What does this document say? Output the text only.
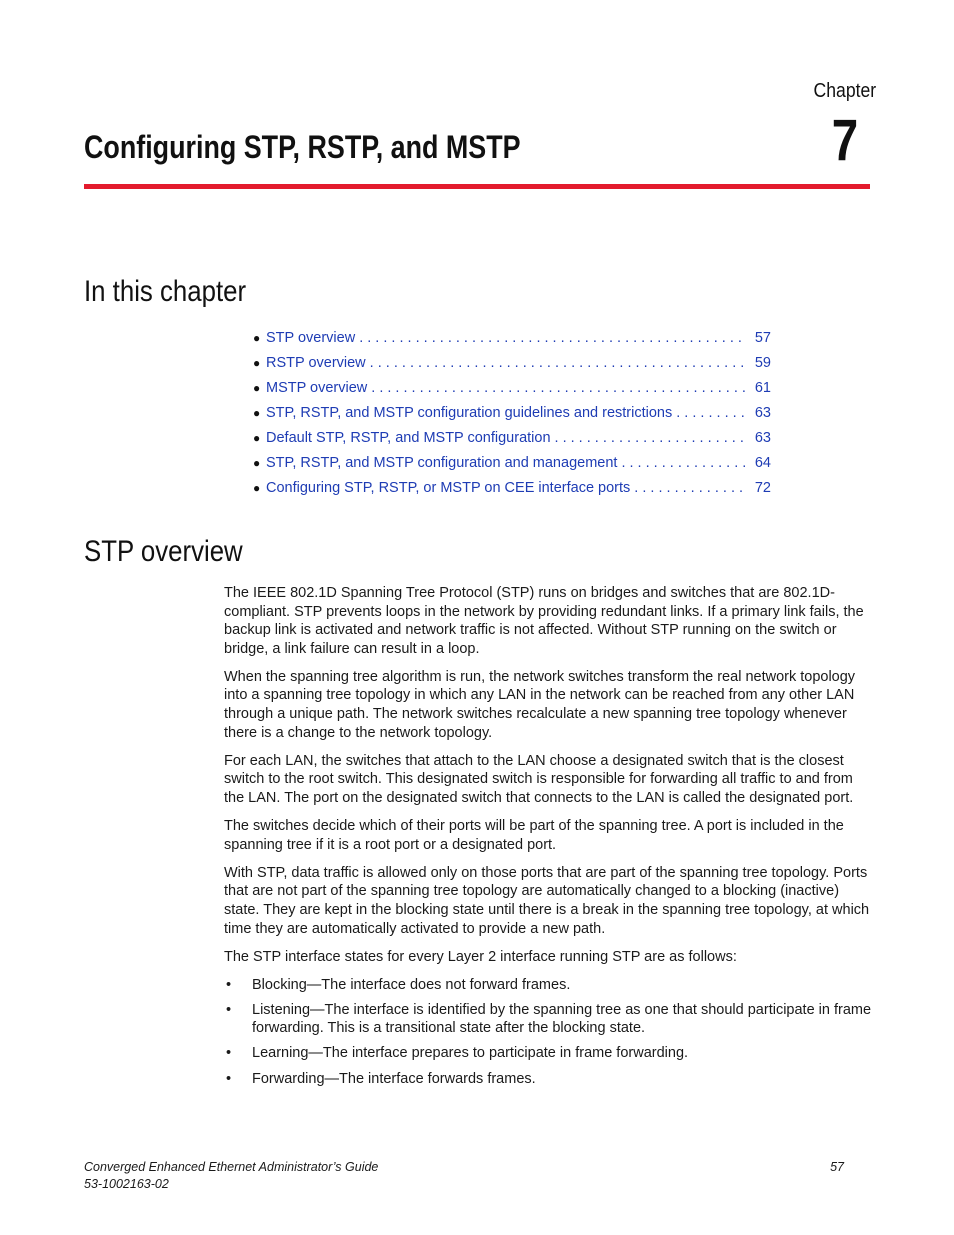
Chapter
7
Configuring STP, RSTP, and MSTP
In this chapter
● STP overview . . .	57
● RSTP overview . . .	59
● MSTP overview . . .	61
● STP, RSTP, and MSTP configuration guidelines and restrictions . . .	63
● Default STP, RSTP, and MSTP configuration . . .	63
● STP, RSTP, and MSTP configuration and management . . .	64
● Configuring STP, RSTP, or MSTP on CEE interface ports . . .	72
STP overview

The IEEE 802.1D Spanning Tree Protocol (STP) runs on bridges and switches that are 802.1D-compliant. STP prevents loops in the network by providing redundant links. If a primary link fails, the backup link is activated and network traffic is not affected. Without STP running on the switch or bridge, a link failure can result in a loop.

When the spanning tree algorithm is run, the network switches transform the real network topology into a spanning tree topology in which any LAN in the network can be reached from any other LAN through a unique path. The network switches recalculate a new spanning tree topology whenever there is a change to the network topology.

For each LAN, the switches that attach to the LAN choose a designated switch that is the closest switch to the root switch. This designated switch is responsible for forwarding all traffic to and from the LAN. The port on the designated switch that connects to the LAN is called the designated port.

The switches decide which of their ports will be part of the spanning tree. A port is included in the spanning tree if it is a root port or a designated port.

With STP, data traffic is allowed only on those ports that are part of the spanning tree topology. Ports that are not part of the spanning tree topology are automatically changed to a blocking (inactive) state. They are kept in the blocking state until there is a break in the spanning tree topology, at which time they are automatically activated to provide a new path.

The STP interface states for every Layer 2 interface running STP are as follows:

• Blocking—The interface does not forward frames.
• Listening—The interface is identified by the spanning tree as one that should participate in frame forwarding. This is a transitional state after the blocking state.
• Learning—The interface prepares to participate in frame forwarding.
• Forwarding—The interface forwards frames.
Converged Enhanced Ethernet Administrator’s Guide
53-1002163-02
57
